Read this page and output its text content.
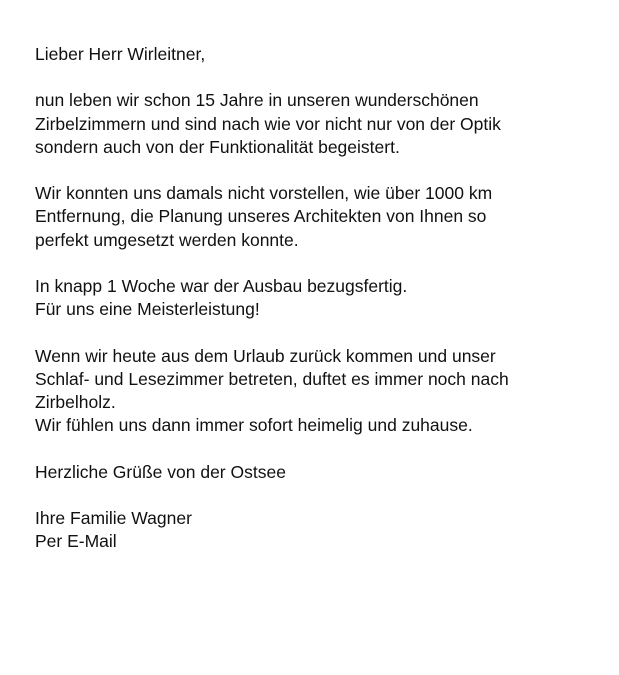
Lieber Herr Wirleitner,

nun leben wir schon 15 Jahre in unseren wunderschönen
Zirbelzimmern und sind nach wie vor nicht nur von der Optik
sondern auch von der Funktionalität begeistert.

Wir konnten uns damals nicht vorstellen, wie über 1000 km
Entfernung, die Planung unseres Architekten von Ihnen so
perfekt umgesetzt werden konnte.

In knapp 1 Woche war der Ausbau bezugsfertig.
Für uns eine Meisterleistung!

Wenn wir heute aus dem Urlaub zurück kommen und unser
Schlaf- und Lesezimmer betreten, duftet es immer noch nach
Zirbelholz.
Wir fühlen uns dann immer sofort heimelig und zuhause.

Herzliche Grüße von der Ostsee

Ihre Familie Wagner
Per E-Mail
